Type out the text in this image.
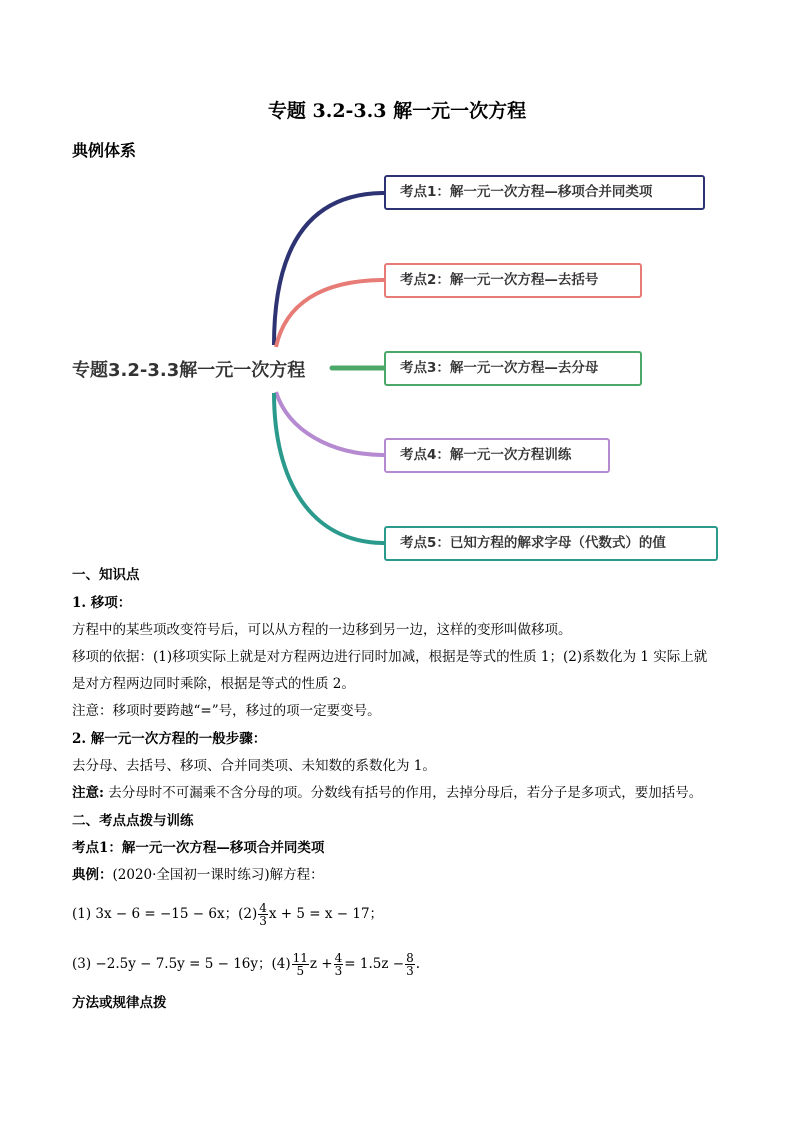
专题 3.2-3.3 解一元一次方程
典例体系
专题3.2-3.3解一元一次方程
考点1：解一元一次方程—移项合并同类项
考点2：解一元一次方程—去括号
考点3：解一元一次方程—去分母
考点4：解一元一次方程训练
考点5：已知方程的解求字母（代数式）的值
一、知识点
1. 移项：
方程中的某些项改变符号后，可以从方程的一边移到另一边，这样的变形叫做移项。
移项的依据：(1)移项实际上就是对方程两边进行同时加减，根据是等式的性质 1；(2)系数化为 1 实际上就
是对方程两边同时乘除，根据是等式的性质 2。
注意：移项时要跨越“=”号，移过的项一定要变号。
2. 解一元一次方程的一般步骤：
去分母、去括号、移项、合并同类项、未知数的系数化为 1。
注意: 去分母时不可漏乘不含分母的项。分数线有括号的作用，去掉分母后，若分子是多项式，要加括号。
二、考点点拨与训练
考点1：解一元一次方程—移项合并同类项
典例：(2020·全国初一课时练习)解方程：
(1) 3x − 6 = −15 − 6x；$(2) \frac{4}{3}$ x + 5 = x − 17；
(3) −2.5y − 7.5y = 5 − 16y；$(4) \frac{11}{5}$ $z + \frac{4}{3} = 1.5z - \frac{8}{3}$ .
方法或规律点拨
